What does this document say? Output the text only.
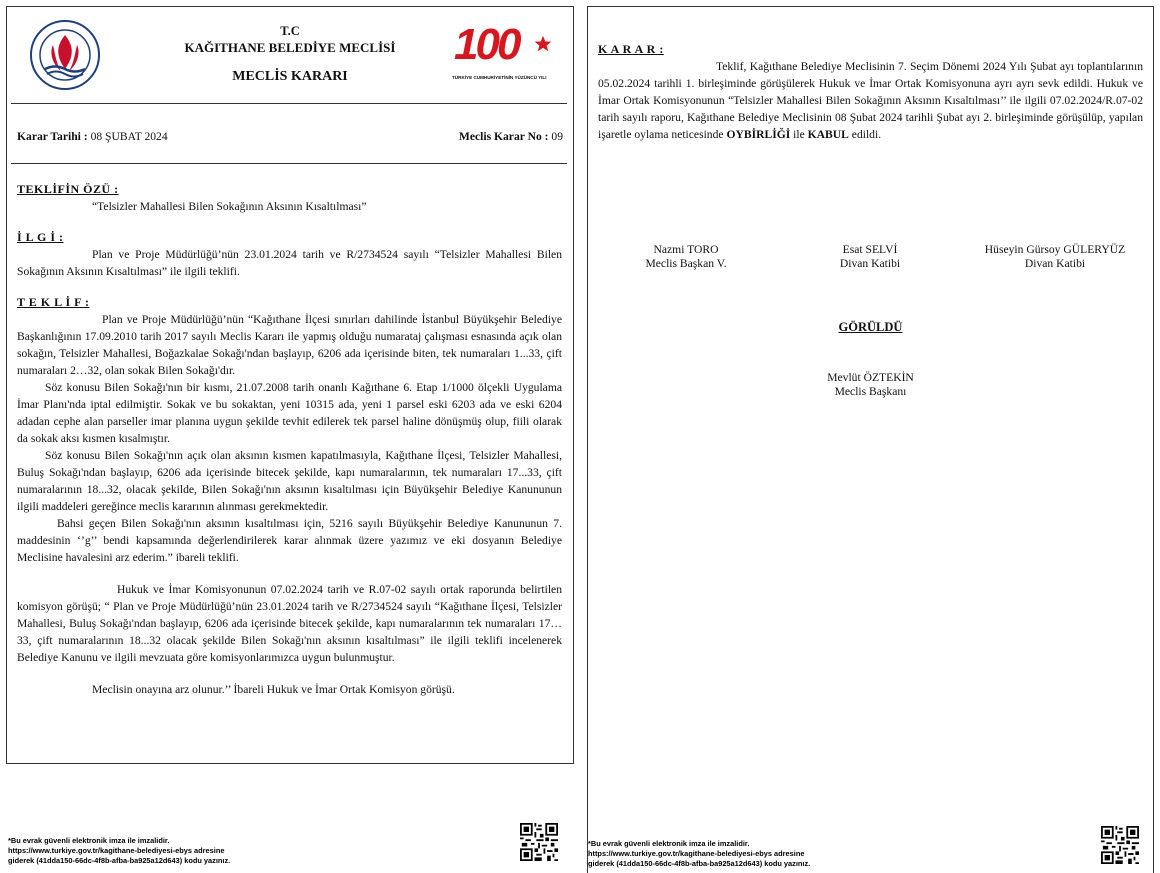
T.C
KAĞITHANE BELEDİYE MECLİSİ
MECLİS KARARI
100
TÜRKİYE CUMHURİYETİNİN YÜZÜNCÜ YILI
Karar Tarihi : 08 ŞUBAT 2024	Meclis Karar No : 09
TEKLİFİN ÖZÜ :

“Telsizler Mahallesi Bilen Sokağının Aksının Kısaltılması”

İ L G İ :

Plan ve Proje Müdürlüğü’nün 23.01.2024 tarih ve R/2734524 sayılı “Telsizler Mahallesi Bilen Sokağının Aksının Kısaltılması” ile ilgili teklifi.

T E K L İ F :

Plan ve Proje Müdürlüğü’nün “Kağıthane İlçesi sınırları dahilinde İstanbul Büyükşehir Belediye Başkanlığının 17.09.2010 tarih 2017 sayılı Meclis Kararı ile yapmış olduğu numarataj çalışması esnasında açık olan sokağın, Telsizler Mahallesi, Boğazkalae Sokağı'ndan başlayıp, 6206 ada içerisinde biten, tek numaraları 1...33, çift numaraları 2…32, olan sokak Bilen Sokağı'dır.

Söz konusu Bilen Sokağı'nın bir kısmı, 21.07.2008 tarih onanlı Kağıthane 6. Etap 1/1000 ölçekli Uygulama İmar Planı'nda iptal edilmiştir. Sokak ve bu sokaktan, yeni 10315 ada, yeni 1 parsel eski 6203 ada ve eski 6204 adadan cephe alan parseller imar planına uygun şekilde tevhit edilerek tek parsel haline dönüşmüş olup, fiili olarak da sokak aksı kısmen kısalmıştır.

Söz konusu Bilen Sokağı'nın açık olan aksının kısmen kapatılmasıyla, Kağıthane İlçesi, Telsizler Mahallesi, Buluş Sokağı'ndan başlayıp, 6206 ada içerisinde bitecek şekilde, kapı numaralarının, tek numaraları 17...33, çift numaralarının 18...32, olacak şekilde, Bilen Sokağı'nın aksının kısaltılması için Büyükşehir Belediye Kanununun ilgili maddeleri gereğince meclis kararının alınması gerekmektedir.

Bahsi geçen Bilen Sokağı'nın aksının kısaltılması için, 5216 sayılı Büyükşehir Belediye Kanununun 7. maddesinin ‘’g’’ bendi kapsamında değerlendirilerek karar alınmak üzere yazımız ve eki dosyanın Belediye Meclisine havalesini arz ederim.” ibareli teklifi.

Hukuk ve İmar Komisyonunun 07.02.2024 tarih ve R.07-02 sayılı ortak raporunda belirtilen komisyon görüşü; “ Plan ve Proje Müdürlüğü’nün 23.01.2024 tarih ve R/2734524 sayılı “Kağıthane İlçesi, Telsizler Mahallesi, Buluş Sokağı'ndan başlayıp, 6206 ada içerisinde bitecek şekilde, kapı numaralarının tek numaraları 17…33, çift numaralarının 18...32 olacak şekilde Bilen Sokağı'nın aksının kısaltılması” ile ilgili teklifi incelenerek Belediye Kanunu ve ilgili mevzuata göre komisyonlarımızca uygun bulunmuştur.

Meclisin onayına arz olunur.’’ İbareli Hukuk ve İmar Ortak Komisyon görüşü.

*Bu evrak güvenli elektronik imza ile imzalidir.
https://www.turkiye.gov.tr/kagithane-belediyesi-ebys adresine
giderek (41dda150-66dc-4f8b-afba-ba925a12d643) kodu yazınız.
K A R A R :

Teklif, Kağıthane Belediye Meclisinin 7. Seçim Dönemi 2024 Yılı Şubat ayı toplantılarının 05.02.2024 tarihli 1. birleşiminde görüşülerek Hukuk ve İmar Ortak Komisyonuna ayrı ayrı sevk edildi. Hukuk ve İmar Ortak Komisyonunun “Telsizler Mahallesi Bilen Sokağının Aksının Kısaltılması’’ ile ilgili 07.02.2024/R.07-02 tarih sayılı raporu, Kağıthane Belediye Meclisinin 08 Şubat 2024 tarihli Şubat ayı 2. birleşiminde görüşülüp, yapılan işaretle oylama neticesinde OYBİRLİĞİ ile KABUL edildi.

Nazmi TORO
Meclis Başkan V.
Esat SELVİ
Divan Katibi
Hüseyin Gürsoy GÜLERYÜZ
Divan Katibi
GÖRÜLDÜ
Mevlüt ÖZTEKİN
Meclis Başkanı
*Bu evrak güvenli elektronik imza ile imzalidir.
https://www.turkiye.gov.tr/kagithane-belediyesi-ebys adresine
giderek (41dda150-66dc-4f8b-afba-ba925a12d643) kodu yazınız.
